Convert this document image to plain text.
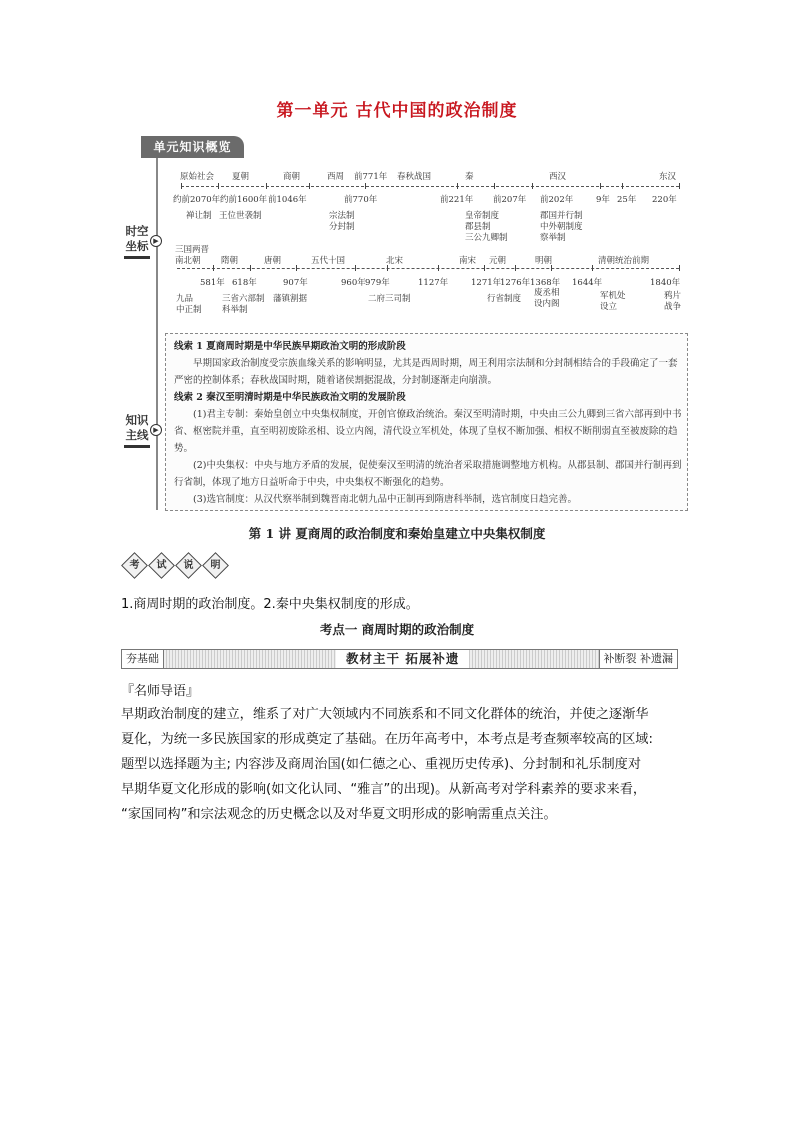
第一单元 古代中国的政治制度
单元知识概览
时空
坐标 ▶
知识
主线 ▶
原始社会 夏朝	商朝	西周 前771年 春秋战国	秦	西汉	东汉
约前2070年 约前1600年 前1046年	前770年	前221年 前207年 前202年	9年 25年 220年
禅让制 王位世袭制	宗法制
分封制
皇帝制度
郡县制
三公九卿制
郡国并行制
中外朝制度
察举制
三国两晋
南北朝 隋朝	唐朝	五代十国	北宋	南宋 元朝	明朝	清朝统治前期
581年 618年	907年	960年 979年	1127年	1271年
1276年 1368年 1644年	1840年
九品
中正制
三省六部制
科举制
藩镇割据	二府三司制	行省制度
废丞相
设内阁
军机处
设立
鸦片
战争

线索 1 夏商周时期是中华民族早期政治文明的形成阶段

早期国家政治制度受宗族血缘关系的影响明显，尤其是西周时期，周王利用宗法制和分封制相结合的手段确定了一套严密的控制体系；春秋战国时期，随着诸侯割据混战，分封制逐渐走向崩溃。

线索 2 秦汉至明清时期是中华民族政治文明的发展阶段

(1)君主专制：秦始皇创立中央集权制度，开创官僚政治统治。秦汉至明清时期，中央由三公九卿到三省六部再到中书省、枢密院并重，直至明初废除丞相、设立内阁，清代设立军机处，体现了皇权不断加强、相权不断削弱直至被废除的趋势。

(2)中央集权：中央与地方矛盾的发展，促使秦汉至明清的统治者采取措施调整地方机构。从郡县制、郡国并行制再到行省制，体现了地方日益听命于中央，中央集权不断强化的趋势。

(3)选官制度：从汉代察举制到魏晋南北朝九品中正制再到隋唐科举制，选官制度日趋完善。

第 1 讲 夏商周的政治制度和秦始皇建立中央集权制度
考	试	说	明
1.商周时期的政治制度。2.秦中央集权制度的形成。
考点一 商周时期的政治制度
夯基础	教材主干 拓展补遗	补断裂 补遗漏
『名师导语』
早期政治制度的建立，维系了对广大领域内不同族系和不同文化群体的统治，并使之逐渐华
夏化，为统一多民族国家的形成奠定了基础。在历年高考中，本考点是考查频率较高的区域:
题型以选择题为主; 内容涉及商周治国(如仁德之心、重视历史传承)、分封制和礼乐制度对
早期华夏文化形成的影响(如文化认同、“雅言”的出现)。从新高考对学科素养的要求来看，
“家国同构”和宗法观念的历史概念以及对华夏文明形成的影响需重点关注。
